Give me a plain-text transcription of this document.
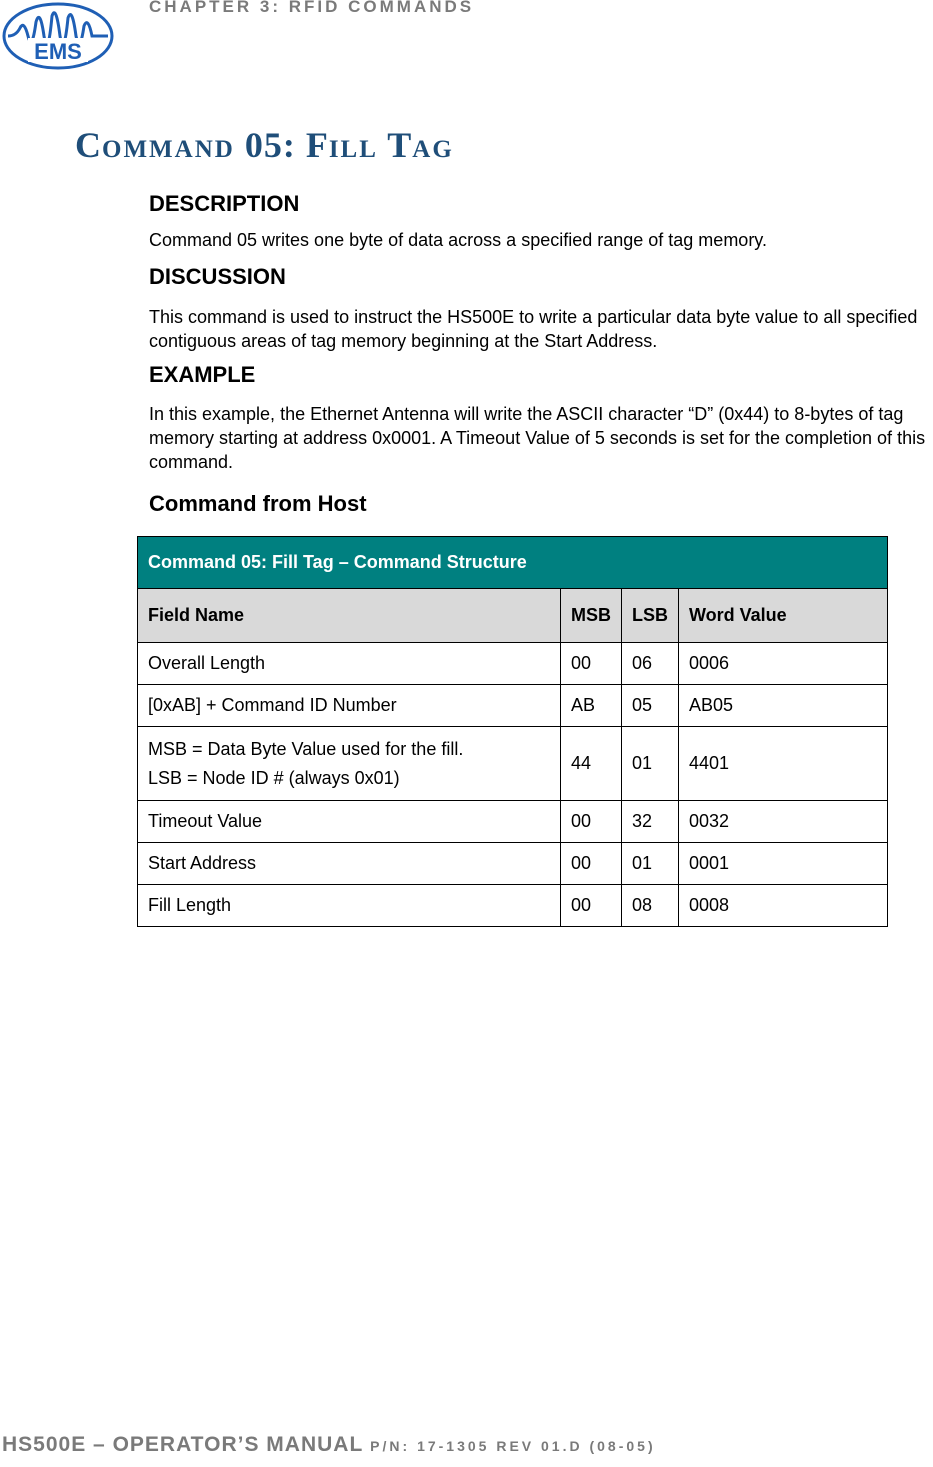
EMS
CHAPTER 3: RFID COMMANDS
COMMAND 05: FILL TAG
DESCRIPTION

Command 05 writes one byte of data across a specified range of tag memory.

DISCUSSION

This command is used to instruct the HS500E to write a particular data byte value to all specified contiguous areas of tag memory beginning at the Start Address.

EXAMPLE

In this example, the Ethernet Antenna will write the ASCII character “D” (0x44) to 8-bytes of tag memory starting at address 0x0001. A Timeout Value of 5 seconds is set for the completion of this command.

Command from Host
Command 05: Fill Tag – Command Structure			
Field Name	MSB	LSB	Word Value
Overall Length	00	06	0006
[0xAB] + Command ID Number	AB	05	AB05
MSB = Data Byte Value used for the fill.
LSB = Node ID # (always 0x01)	44	01	4401
Timeout Value	00	32	0032
Start Address	00	01	0001
Fill Length	00	08	0008
HS500E – OPERATOR’S MANUAL P/N: 17-1305 REV 01.D (08-05)
